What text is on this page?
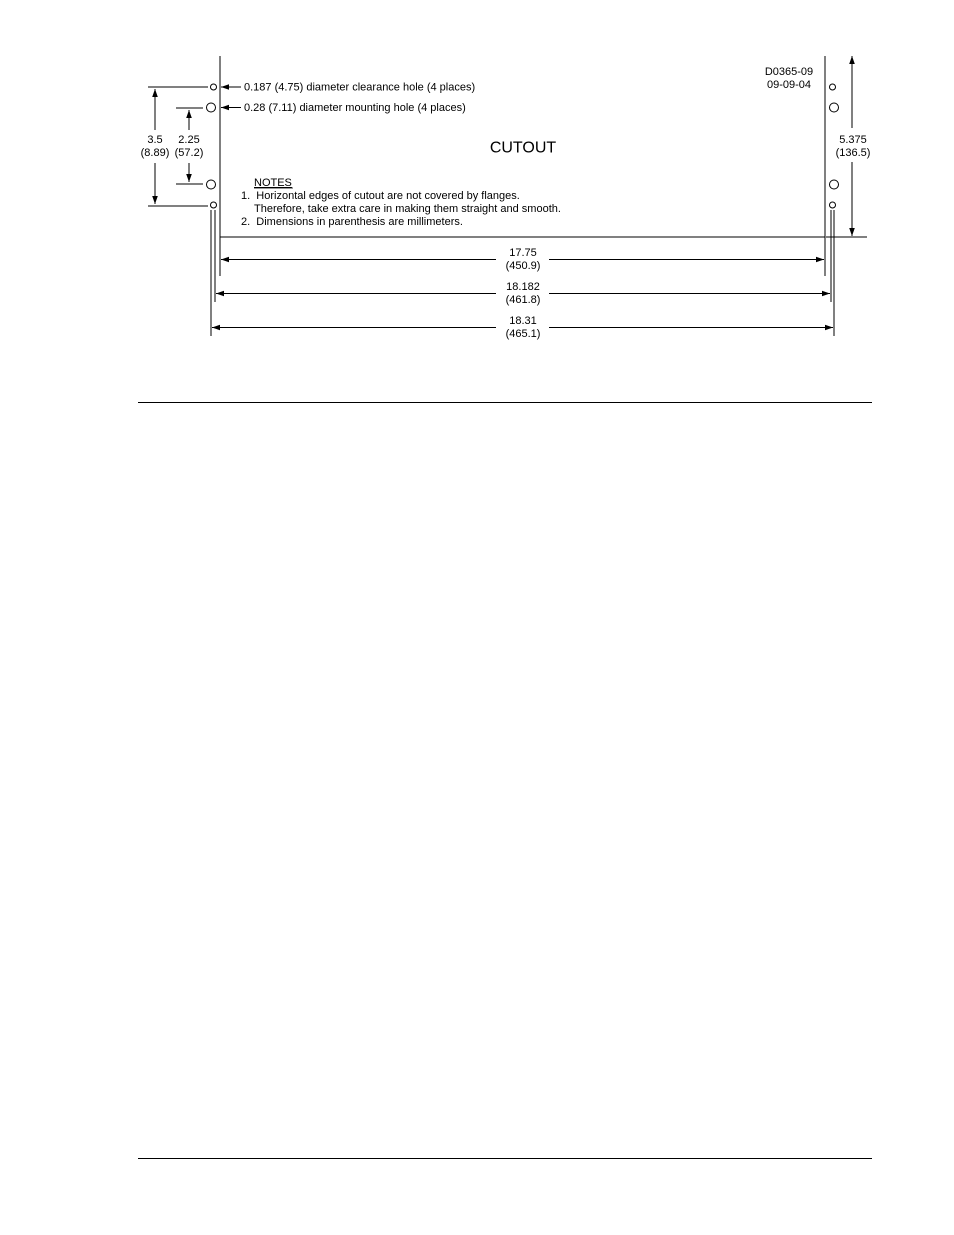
D0365-09
09-09-04
0.187 (4.75) diameter clearance hole (4 places)
0.28 (7.11) diameter mounting hole (4 places)
CUTOUT
NOTES
1.  Horizontal edges of cutout are not covered by flanges.
Therefore, take extra care in making them straight and smooth.
2.  Dimensions in parenthesis are millimeters.
3.5
(8.89)
2.25
(57.2)
5.375
(136.5)
17.75
(450.9)
18.182
(461.8)
18.31
(465.1)
